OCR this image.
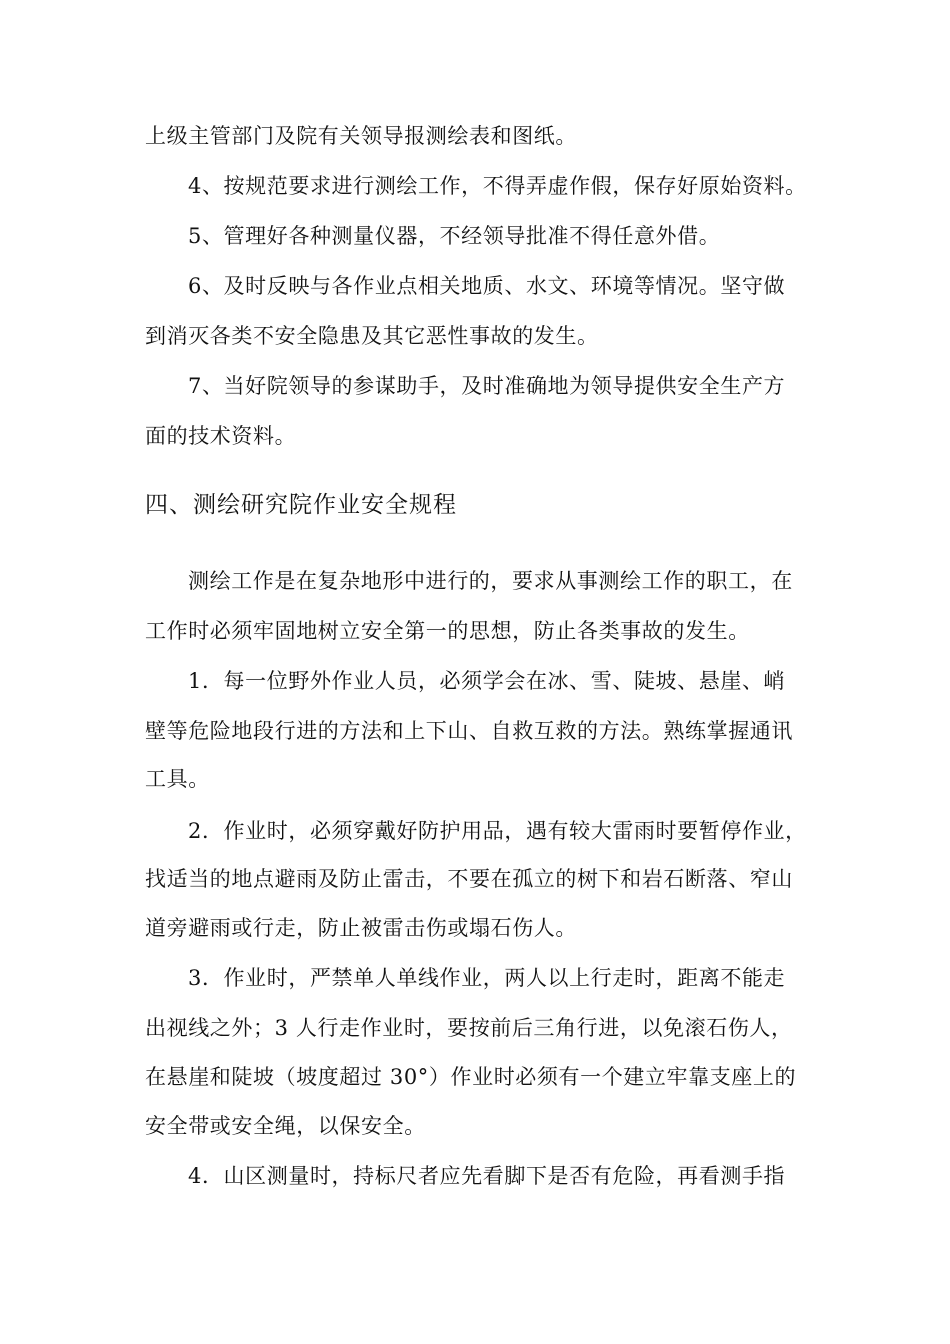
上级主管部门及院有关领导报测绘表和图纸。
4、按规范要求进行测绘工作，不得弄虚作假，保存好原始资料。
5、管理好各种测量仪器，不经领导批准不得任意外借。
6、及时反映与各作业点相关地质、水文、环境等情况。坚守做
到消灭各类不安全隐患及其它恶性事故的发生。
7、当好院领导的参谋助手，及时准确地为领导提供安全生产方
面的技术资料。
四、测绘研究院作业安全规程
测绘工作是在复杂地形中进行的，要求从事测绘工作的职工，在
工作时必须牢固地树立安全第一的思想，防止各类事故的发生。
1．每一位野外作业人员，必须学会在冰、雪、陡坡、悬崖、峭
壁等危险地段行进的方法和上下山、自救互救的方法。熟练掌握通讯
工具。
2．作业时，必须穿戴好防护用品，遇有较大雷雨时要暂停作业，
找适当的地点避雨及防止雷击，不要在孤立的树下和岩石断落、窄山
道旁避雨或行走，防止被雷击伤或塌石伤人。
3．作业时，严禁单人单线作业，两人以上行走时，距离不能走
出视线之外；3 人行走作业时，要按前后三角行进，以免滚石伤人，
在悬崖和陡坡（坡度超过 30°）作业时必须有一个建立牢靠支座上的
安全带或安全绳，以保安全。
4．山区测量时，持标尺者应先看脚下是否有危险，再看测手指
